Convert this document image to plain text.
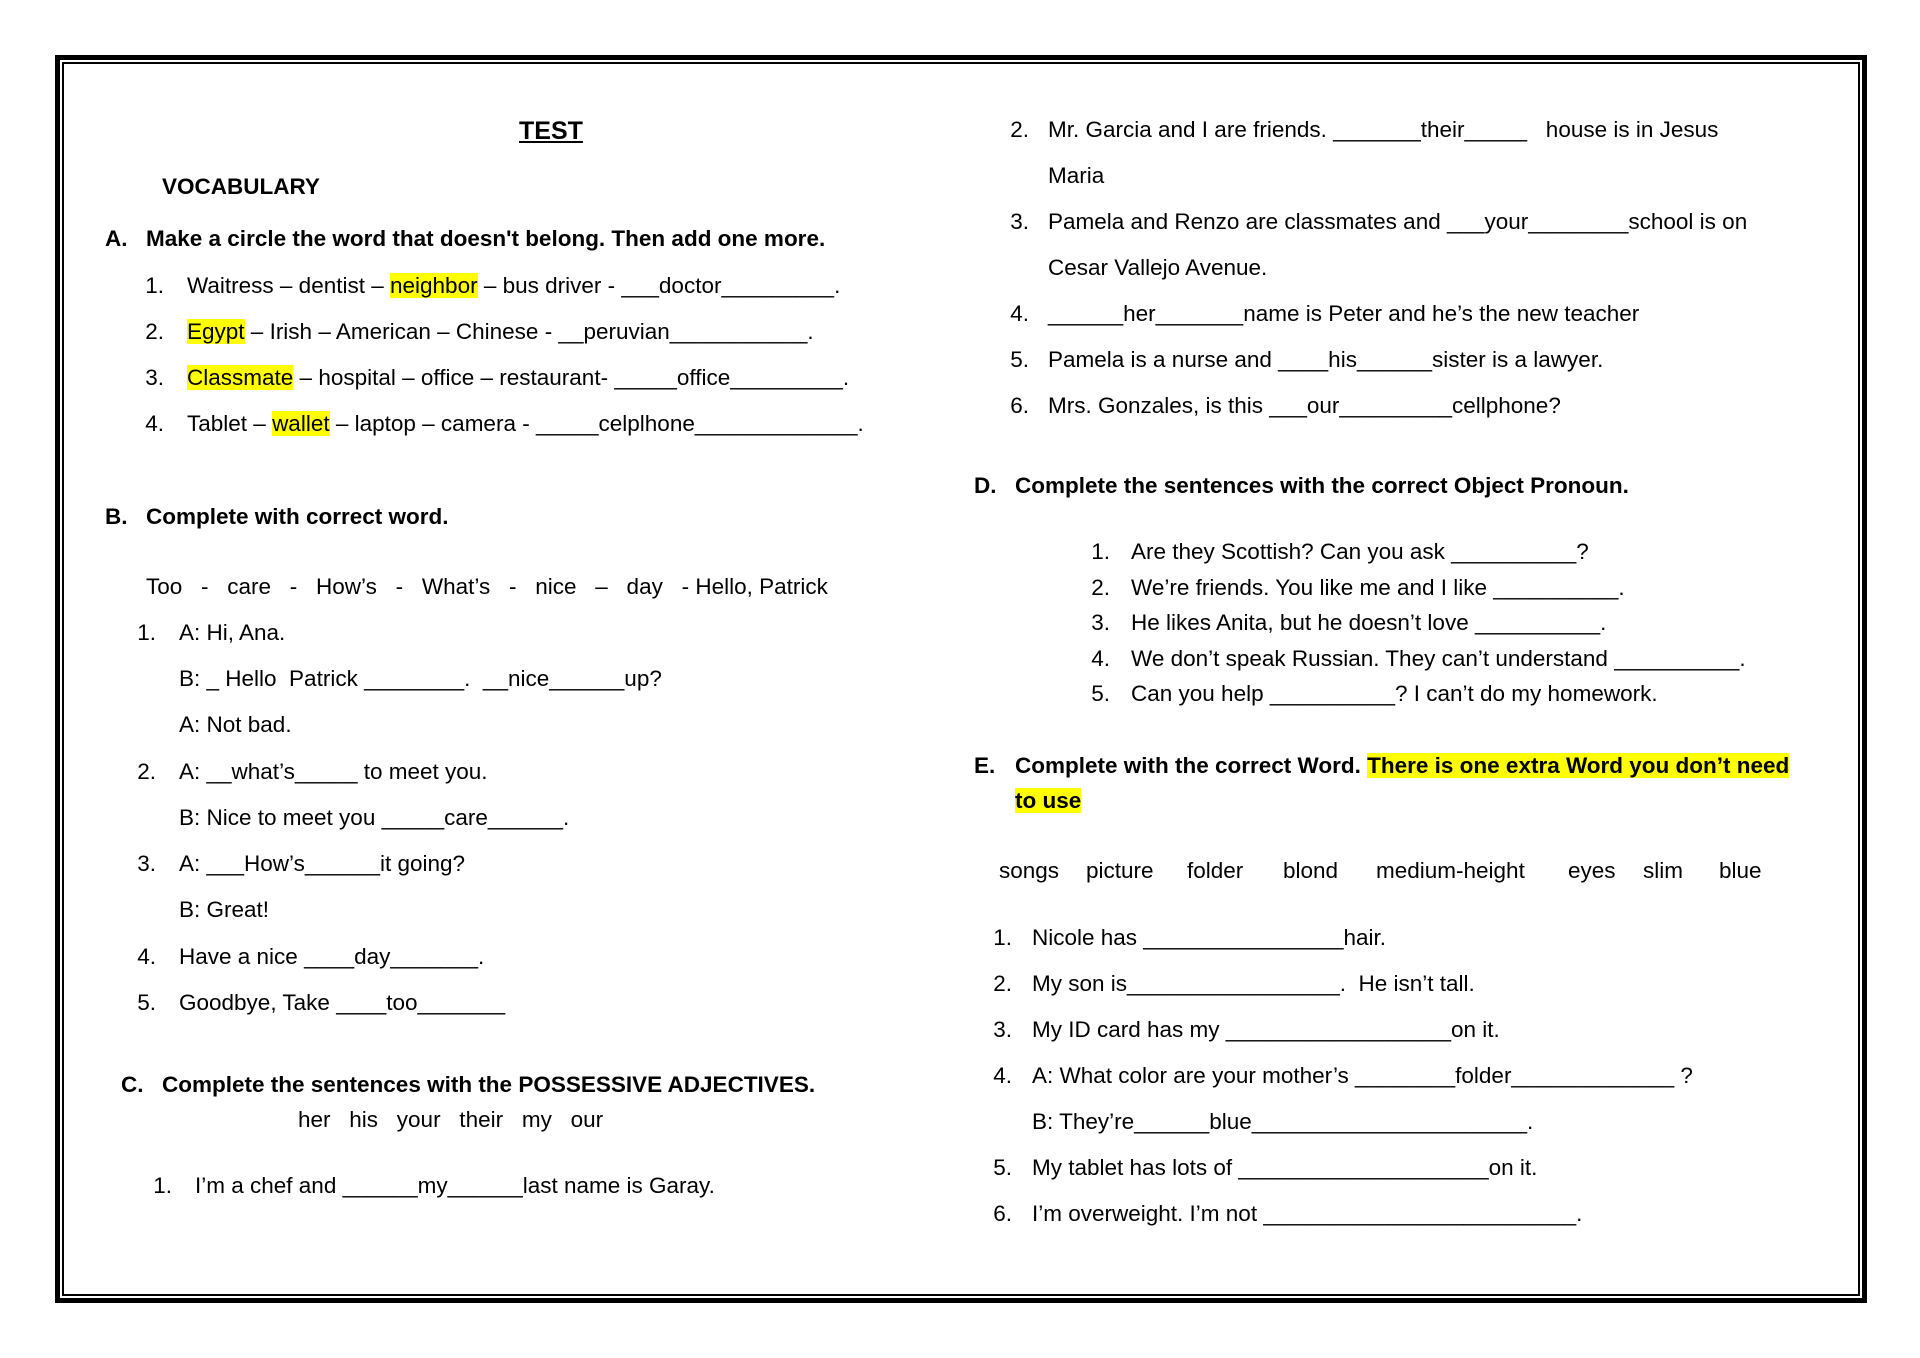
TEST
VOCABULARY
A. Make a circle the word that doesn't belong. Then add one more.
1. Waitress – dentist – neighbor – bus driver - ___doctor_________.
2. Egypt – Irish – American – Chinese - __peruvian___________.
3. Classmate – hospital – office – restaurant- _____office_________.
4. Tablet – wallet – laptop – camera - _____celplhone_____________.
B. Complete with correct word.
Too   -   care   -   How’s   -   What’s   -   nice   –   day   - Hello, Patrick
1. A: Hi, Ana.
B: _ Hello  Patrick ________.  __nice______up?
A: Not bad.
2. A: __what’s_____ to meet you.
B: Nice to meet you _____care______.
3. A: ___How’s______it going?
B: Great!
4. Have a nice ____day_______.
5. Goodbye, Take ____too_______
C. Complete the sentences with the POSSESSIVE ADJECTIVES.
her   his   your   their   my   our
1. I’m a chef and ______my______last name is Garay.
2. Mr. Garcia and I are friends. _______their_____   house is in Jesus
Maria
3. Pamela and Renzo are classmates and ___your________school is on
Cesar Vallejo Avenue.
4. ______her_______name is Peter and he’s the new teacher
5. Pamela is a nurse and ____his______sister is a lawyer.
6. Mrs. Gonzales, is this ___our_________cellphone?
D. Complete the sentences with the correct Object Pronoun.
1. Are they Scottish? Can you ask __________?
2. We’re friends. You like me and I like __________.
3. He likes Anita, but he doesn’t love __________.
4. We don’t speak Russian. They can’t understand __________.
5. Can you help __________? I can’t do my homework.
E. Complete with the correct Word. There is one extra Word you don’t need
to use
songs picture folder blond medium-height eyes slim blue
1. Nicole has ________________hair.
2. My son is_________________.  He isn’t tall.
3. My ID card has my __________________on it.
4. A: What color are your mother’s ________folder_____________ ?
B: They’re______blue______________________.
5. My tablet has lots of ____________________on it.
6. I’m overweight. I’m not _________________________.
